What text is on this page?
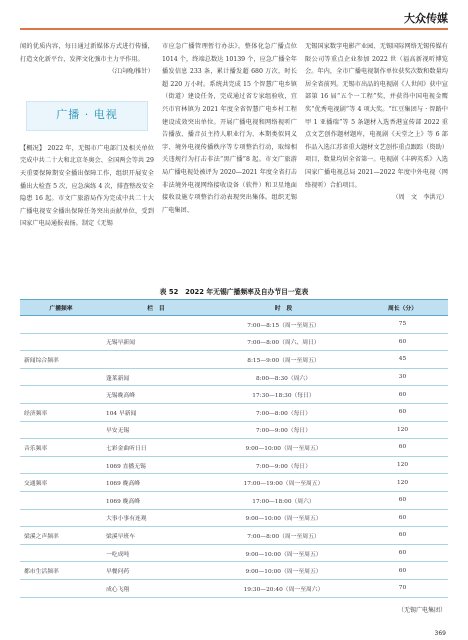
大众传媒

闻的优质内容，每日通过新媒体方式进行传播，打造文化新平台，发挥文化強市主力平作用。

（江向晚/推针）

广播 · 电视

【概况】 2022 年，无锡市广电部门及相关单位完成中共二十大和北京冬奥会、全国两会等共 29 天重要保障期安全播出保障工作，组织开展安全播出大检查 5 次，应急演练 4 次，排查整改安全隐患 16 起。市文广旅游局作为完成中共二十大广播电视安全播出保障任务突出贡献单位，受到国家广电局通报表扬。制定《无锡

市应急广播管理暂行办法》，整体化急广播点位 1014 个，终端总数达 10139 个，应急广播全年播发信息 233 条，累计播发超 680 万次，时长超 220 万小时。系统共完成 15 个智慧广电乡镇（街道）建设任务，完成通过省专家组验收，宜兴市官林镇为 2021 年度全省智慧广电乡村工程建设成效突出单位。开展广播电视和网络视听广告播放、播音员主持人职业行为、本期类似同义字、境外电视传播秩序等专项整治行动，取缔相关违规行为打击非法“黑广播”8 起。市文广旅游局广播电视处被评为 2020—2021 年度全省打击非法境外电视网络接收设备（软件）和卫星地面接收设施专项整治行动表现突出集体。组织无锡广电集团、

无锡国家数字电影产业园、无锡国际网络无锡传媒有限公司等重点企业参加 2022 世（福高新视听博览会。年内，全市广播电视制作单位获奖次数和数量均居全省前列。无锡市出品的电视剧《人世间》获中宣部第 16 届“五个一工程”奖，并获得中国电视金鹰奖“优秀电视剧”等 4 项大奖。“红豆集团与 · 智路中甲 1 亚播瑞”等 5 条题材入选香港宣传部 2022 重点文艺创作题材题库，电视剧《天堂之上》等 6 部作品入选江苏省重大题材文艺创作重点跟踪（资助）项目，数量均居全省第一。电视剧《丰碑英系》入选国家广播电视总局 2021—2022 年度中外电视（网络视听）合拍项目。

（周　文　李洪元）

表 52　2022 年无锡广播频率及自办节目一览表
广播频率	栏　目	时　段	周长（分）
		7:00—8:15（周一至周五）	75
	无锡早新闻	7:00—8:00（周六、周日）	60
新闻综合频率		8:15—9:00（周一至周五）	45
	蓬莱新闻	8:00—8:30（周六）	30
	无锡晚高峰	17:30—18:30（每日）	60
经济频率	104 早新闻	7:00—8:00（每日）	60
	早安无锡	7:00—9:00（每日）	120
音乐频率	七彩金曲听日日	9:00—10:00（周一至周五）	60
	1069 直播无锡	7:00—9:00（每日）	120
交通频率	1069 晚高峰	17:00—19:00（周一至周五）	120
	1069 晚高峰	17:00—18:00（周六）	60
	大事小事有连观	9:00—10:00（周一至周五）	60
梁溪之声频率	梁溪早班车	7:00—8:00（周一至周五）	60
	一吃成吨	9:00—10:00（周一至周五）	60
都市生活频率	早餐问药	9:00—10:00（周一至周五）	60
	成心飞翔	19:30—20:40（周一至周六）	70
（无锡广电集团）
369
